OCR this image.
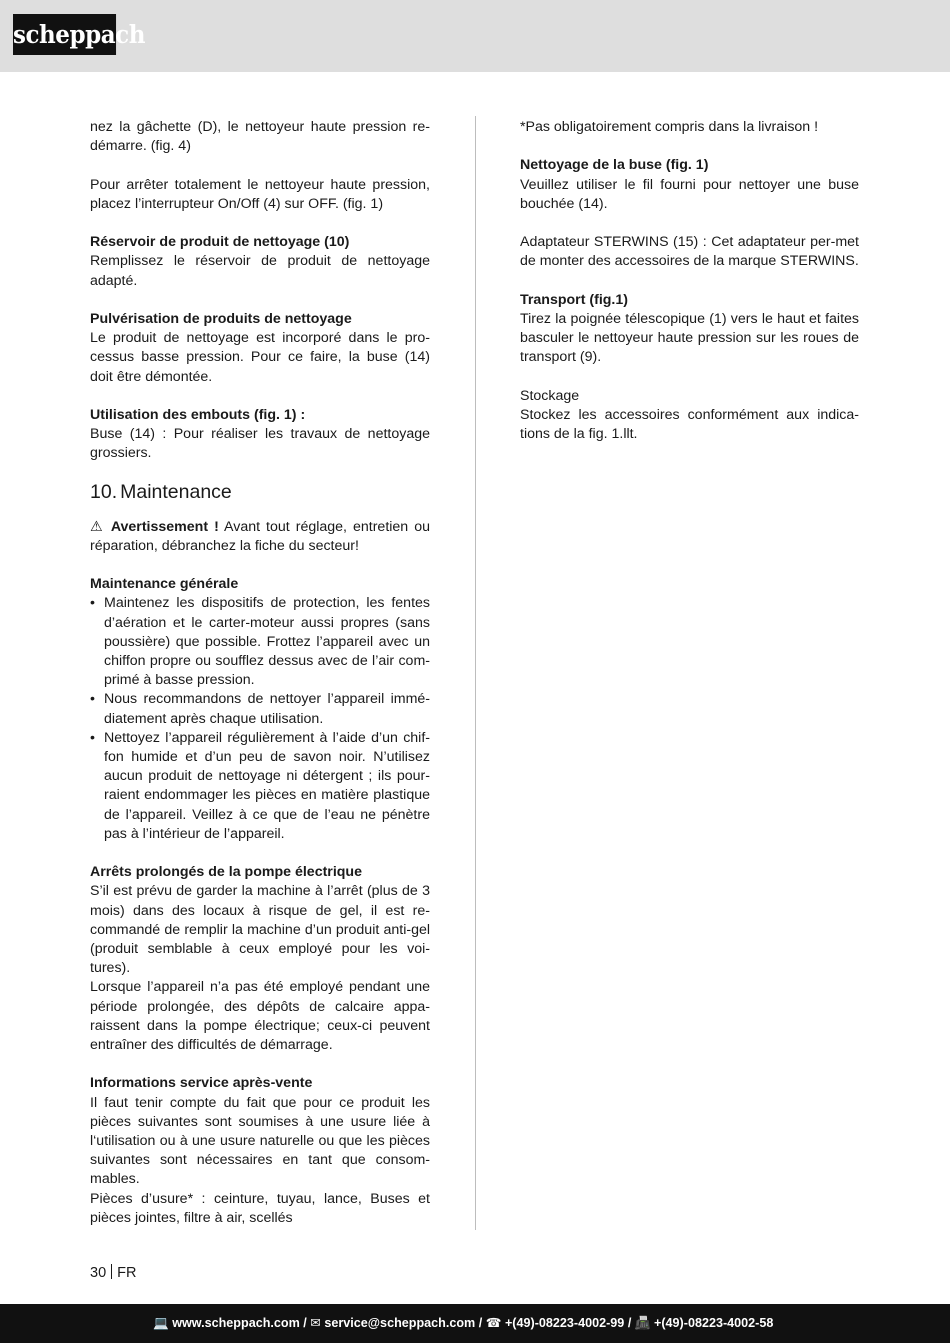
scheppach

nez la gâchette (D), le nettoyeur haute pression re-démarre. (fig. 4)

Pour arrêter totalement le nettoyeur haute pression, placez l’interrupteur On/Off (4) sur OFF. (fig. 1)

Réservoir de produit de nettoyage (10)

Remplissez le réservoir de produit de nettoyage adapté.

Pulvérisation de produits de nettoyage

Le produit de nettoyage est incorporé dans le pro-cessus basse pression. Pour ce faire, la buse (14) doit être démontée.

Utilisation des embouts (fig. 1) :

Buse (14) : Pour réaliser les travaux de nettoyage grossiers.

10. Maintenance

⚠ Avertissement ! Avant tout réglage, entretien ou réparation, débranchez la fiche du secteur!

Maintenance générale
• Maintenez les dispositifs de protection, les fentes d’aération et le carter-moteur aussi propres (sans poussière) que possible. Frottez l’appareil avec un chiffon propre ou soufflez dessus avec de l’air com-primé à basse pression.
• Nous recommandons de nettoyer l’appareil immé-diatement après chaque utilisation.
• Nettoyez l’appareil régulièrement à l’aide d’un chif-fon humide et d’un peu de savon noir. N’utilisez aucun produit de nettoyage ni détergent ; ils pour-raient endommager les pièces en matière plastique de l’appareil. Veillez à ce que de l’eau ne pénètre pas à l’intérieur de l’appareil.
Arrêts prolongés de la pompe électrique

S’il est prévu de garder la machine à l’arrêt (plus de 3 mois) dans des locaux à risque de gel, il est re-commandé de remplir la machine d’un produit anti-gel (produit semblable à ceux employé pour les voi-tures).

Lorsque l’appareil n’a pas été employé pendant une période prolongée, des dépôts de calcaire appa-raissent dans la pompe électrique; ceux-ci peuvent entraîner des difficultés de démarrage.

Informations service après-vente

Il faut tenir compte du fait que pour ce produit les pièces suivantes sont soumises à une usure liée à l‘utilisation ou à une usure naturelle ou que les pièces suivantes sont nécessaires en tant que consom-mables.

Pièces d’usure* : ceinture, tuyau, lance, Buses et pièces jointes, filtre à air, scellés

*Pas obligatoirement compris dans la livraison !

Nettoyage de la buse (fig. 1)

Veuillez utiliser le fil fourni pour nettoyer une buse bouchée (14).

Adaptateur STERWINS (15) : Cet adaptateur per-met de monter des accessoires de la marque STERWINS.

Transport (fig.1)

Tirez la poignée télescopique (1) vers le haut et faites basculer le nettoyeur haute pression sur les roues de transport (9).

Stockage

Stockez les accessoires conformément aux indica-tions de la fig. 1.llt.

30 FR
💻 www.scheppach.com / ✉ service@scheppach.com / ☎ +(49)-08223-4002-99 / 📠 +(49)-08223-4002-58
